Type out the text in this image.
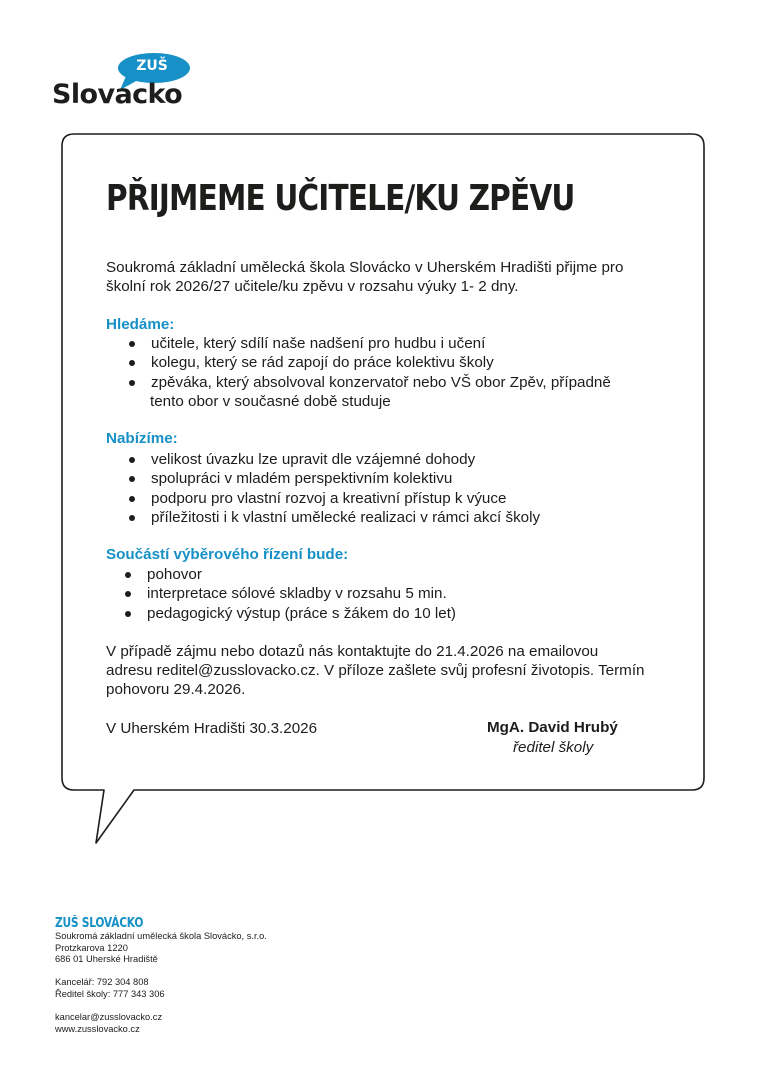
ZUŠ
Slovacko
PŘIJMEME UČITELE/KU ZPĚVU
Soukromá základní umělecká škola Slovácko v Uherském Hradišti přijme pro
školní rok 2026/27 učitele/ku zpěvu v rozsahu výuky 1- 2 dny.
Hledáme:
učitele, který sdílí naše nadšení pro hudbu i učení
kolegu, který se rád zapojí do práce kolektivu školy
zpěváka, který absolvoval konzervatoř nebo VŠ obor Zpěv, případně
tento obor v současné době studuje
Nabízíme:
velikost úvazku lze upravit dle vzájemné dohody
spolupráci v mladém perspektivním kolektivu
podporu pro vlastní rozvoj a kreativní přístup k výuce
příležitosti i k vlastní umělecké realizaci v rámci akcí školy
Součástí výběrového řízení bude:
pohovor
interpretace sólové skladby v rozsahu 5 min.
pedagogický výstup (práce s žákem do 10 let)
V případě zájmu nebo dotazů nás kontaktujte do 21.4.2026 na emailovou
adresu reditel@zusslovacko.cz. V příloze zašlete svůj profesní životopis. Termín
pohovoru 29.4.2026.
V Uherském Hradišti 30.3.2026	MgA. David Hrubý
ředitel školy
ZUŠ SLOVÁCKO
Soukromá základní umělecká škola Slovácko, s.r.o.
Protzkarova 1220
686 01 Uherské Hradiště
Kancelář: 792 304 808
Ředitel školy: 777 343 306
kancelar@zusslovacko.cz
www.zusslovacko.cz
